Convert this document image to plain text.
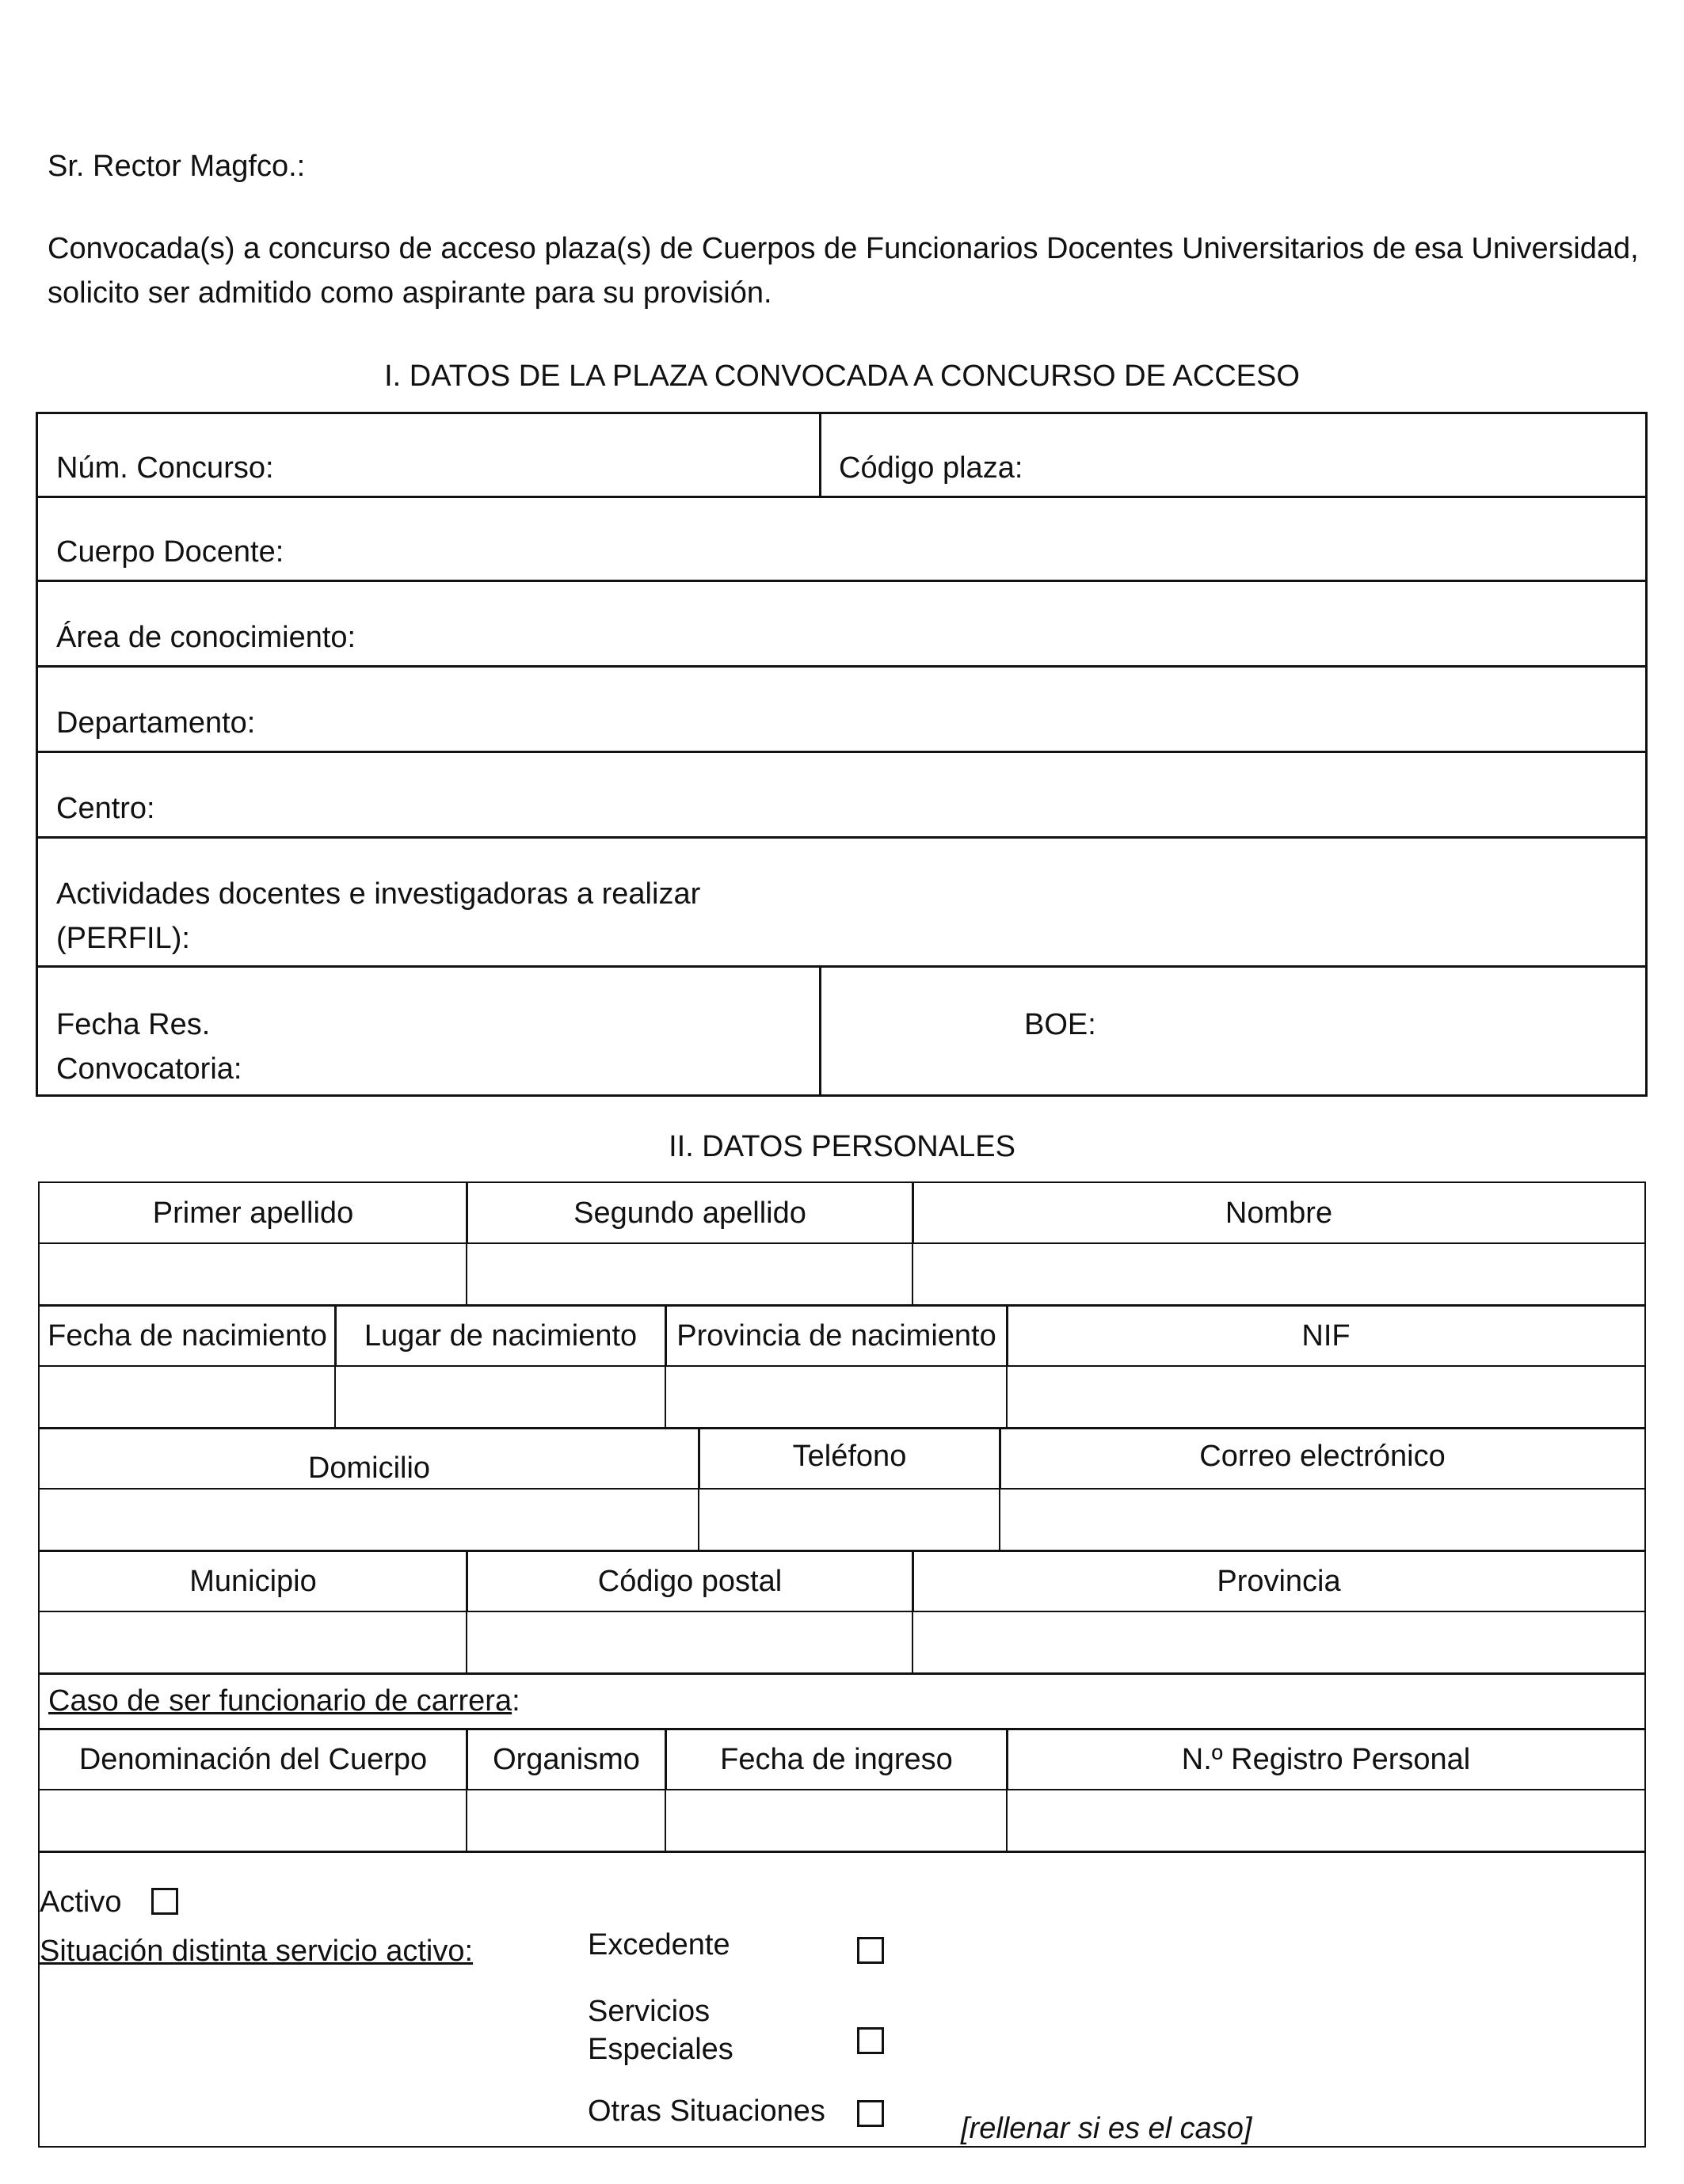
Sr. Rector Magfco.:
Convocada(s) a concurso de acceso plaza(s) de Cuerpos de Funcionarios Docentes Universitarios de esa Universidad,
solicito ser admitido como aspirante para su provisión.
I. DATOS DE LA PLAZA CONVOCADA A CONCURSO DE ACCESO
Núm. Concurso:	Código plaza:
Cuerpo Docente:
Área de conocimiento:
Departamento:
Centro:
Actividades docentes e investigadoras a realizar
(PERFIL):
Fecha Res.
Convocatoria:
BOE:
II. DATOS PERSONALES
Primer apellido	Segundo apellido	Nombre
Fecha de nacimiento	Lugar de nacimiento	Provincia de nacimiento	NIF
Domicilio	Teléfono	Correo electrónico
Municipio	Código postal	Provincia
Caso de ser funcionario de carrera :
Denominación del Cuerpo	Organismo	Fecha de ingreso	N.º Registro Personal
Activo
Situación distinta servicio activo:	Excedente
Servicios
Especiales
Otras Situaciones
[rellenar si es el caso]
